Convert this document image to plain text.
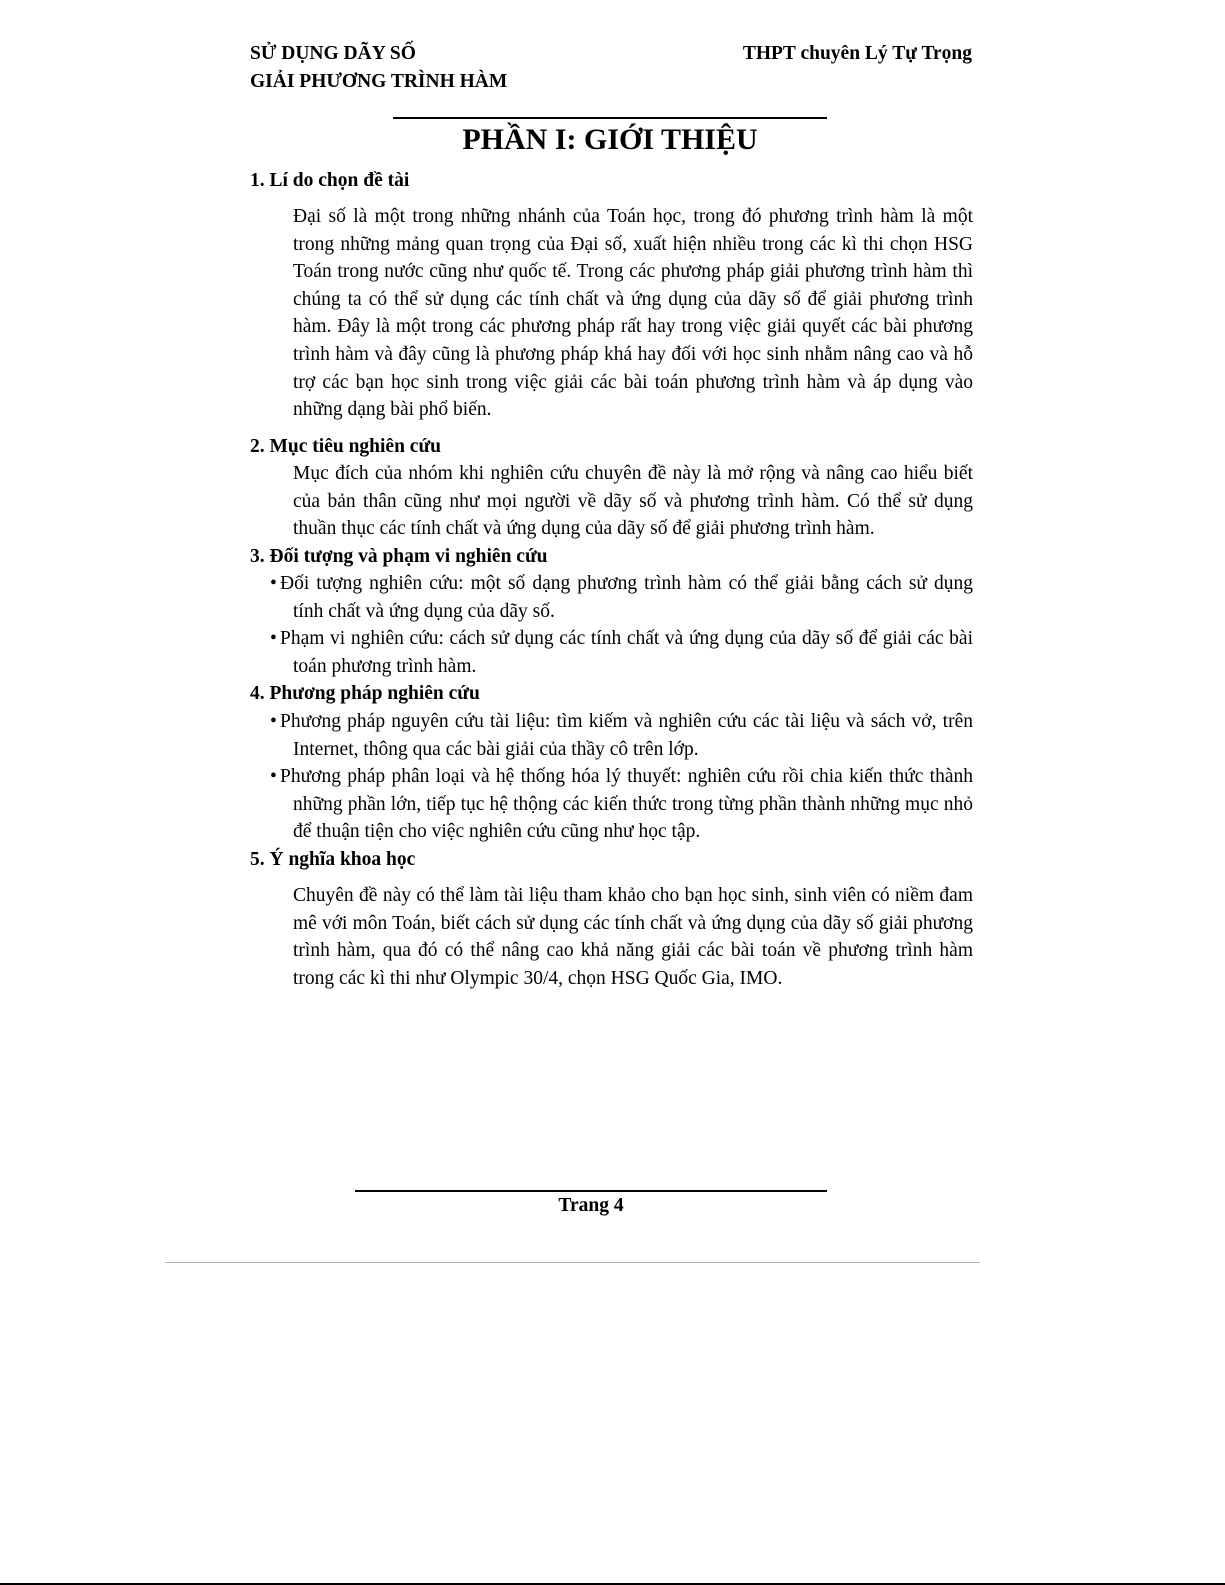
SỬ DỤNG DÃY SỐ
GIẢI PHƯƠNG TRÌNH HÀM
THPT chuyên Lý Tự Trọng
PHẦN I: GIỚI THIỆU
1. Lí do chọn đề tài
Đại số là một trong những nhánh của Toán học, trong đó phương trình hàm là một trong những mảng quan trọng của Đại số, xuất hiện nhiều trong các kì thi chọn HSG Toán trong nước cũng như quốc tế. Trong các phương pháp giải phương trình hàm thì chúng ta có thể sử dụng các tính chất và ứng dụng của dãy số để giải phương trình hàm. Đây là một trong các phương pháp rất hay trong việc giải quyết các bài phương trình hàm và đây cũng là phương pháp khá hay đối với học sinh nhằm nâng cao và hỗ trợ các bạn học sinh trong việc giải các bài toán phương trình hàm và áp dụng vào những dạng bài phổ biến.
2. Mục tiêu nghiên cứu
Mục đích của nhóm khi nghiên cứu chuyên đề này là mở rộng và nâng cao hiểu biết của bản thân cũng như mọi người về dãy số và phương trình hàm. Có thể sử dụng thuần thục các tính chất và ứng dụng của dãy số để giải phương trình hàm.
3. Đối tượng và phạm vi nghiên cứu
• Đối tượng nghiên cứu: một số dạng phương trình hàm có thể giải bằng cách sử dụng tính chất và ứng dụng của dãy số.
• Phạm vi nghiên cứu: cách sử dụng các tính chất và ứng dụng của dãy số để giải các bài toán phương trình hàm.
4. Phương pháp nghiên cứu
• Phương pháp nguyên cứu tài liệu: tìm kiếm và nghiên cứu các tài liệu và sách vở, trên Internet, thông qua các bài giải của thầy cô trên lớp.
• Phương pháp phân loại và hệ thống hóa lý thuyết: nghiên cứu rồi chia kiến thức thành những phần lớn, tiếp tục hệ thộng các kiến thức trong từng phần thành những mục nhỏ để thuận tiện cho việc nghiên cứu cũng như học tập.
5. Ý nghĩa khoa học
Chuyên đề này có thể làm tài liệu tham khảo cho bạn học sinh, sinh viên có niềm đam mê với môn Toán, biết cách sử dụng các tính chất và ứng dụng của dãy số giải phương trình hàm, qua đó có thể nâng cao khả năng giải các bài toán về phương trình hàm trong các kì thi như Olympic 30/4, chọn HSG Quốc Gia, IMO.
Trang 4
